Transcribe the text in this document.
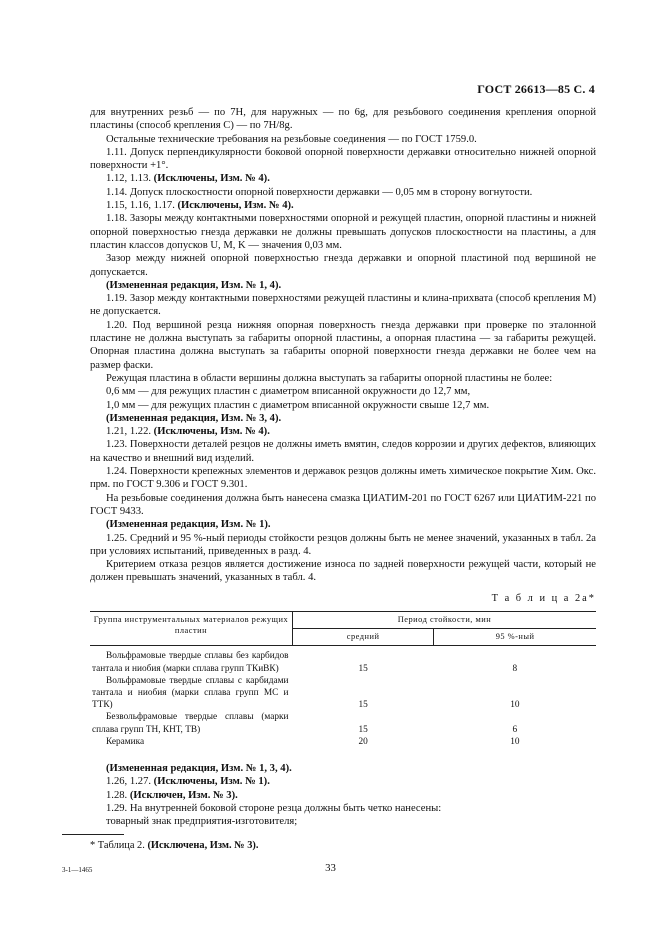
ГОСТ 26613—85 С. 4

для внутренних резьб — по 7H, для наружных — по 6g, для резьбового соединения крепления опорной пластины (способ крепления С) — по 7H/8g.

Остальные технические требования на резьбовые соединения — по ГОСТ 1759.0.

1.11. Допуск перпендикулярности боковой опорной поверхности державки относительно нижней опорной поверхности +1°.

1.12, 1.13. (Исключены, Изм. № 4).

1.14. Допуск плоскостности опорной поверхности державки — 0,05 мм в сторону вогнутости.

1.15, 1.16, 1.17. (Исключены, Изм. № 4).

1.18. Зазоры между контактными поверхностями опорной и режущей пластин, опорной пластины и нижней опорной поверхностью гнезда державки не должны превышать допусков плоскостности на пластины, а для пластин классов допусков U, M, K — значения 0,03 мм.

Зазор между нижней опорной поверхностью гнезда державки и опорной пластиной под вершиной не допускается.

(Измененная редакция, Изм. № 1, 4).

1.19. Зазор между контактными поверхностями режущей пластины и клина-прихвата (способ крепления M) не допускается.

1.20. Под вершиной резца нижняя опорная поверхность гнезда державки при проверке по эталонной пластине не должна выступать за габариты опорной пластины, а опорная пластина — за габариты режущей. Опорная пластина должна выступать за габариты опорной поверхности гнезда державки не более чем на размер фаски.

Режущая пластина в области вершины должна выступать за габариты опорной пластины не более:

0,6 мм — для режущих пластин с диаметром вписанной окружности до 12,7 мм,

1,0 мм — для режущих пластин с диаметром вписанной окружности свыше 12,7 мм.

(Измененная редакция, Изм. № 3, 4).

1.21, 1.22. (Исключены, Изм. № 4).

1.23. Поверхности деталей резцов не должны иметь вмятин, следов коррозии и других дефектов, влияющих на качество и внешний вид изделий.

1.24. Поверхности крепежных элементов и державок резцов должны иметь химическое покрытие Хим. Окс. прм. по ГОСТ 9.306 и ГОСТ 9.301.

На резьбовые соединения должна быть нанесена смазка ЦИАТИМ-201 по ГОСТ 6267 или ЦИАТИМ-221 по ГОСТ 9433.

(Измененная редакция, Изм. № 1).

1.25. Средний и 95 %-ный периоды стойкости резцов должны быть не менее значений, указанных в табл. 2а при условиях испытаний, приведенных в разд. 4.

Критерием отказа резцов является достижение износа по задней поверхности режущей части, который не должен превышать значений, указанных в табл. 4.

Т а б л и ц а 2а*
Группа инструментальных материалов режущих пластин	Период стойкости, мин	
	средний	95 %-ный
Вольфрамовые твердые сплавы без карбидов тантала и ниобия (марки сплава групп ТКиВК)	15	8
Вольфрамовые твердые сплавы с карбидами тантала и ниобия (марки сплава групп МС и ТТК)	15	10
Безвольфрамовые твердые сплавы (марки сплава групп ТН, КНТ, ТВ)	15	6
Керамика	20	10

(Измененная редакция, Изм. № 1, 3, 4).

1.26, 1.27. (Исключены, Изм. № 1).

1.28. (Исключен, Изм. № 3).

1.29. На внутренней боковой стороне резца должны быть четко нанесены:

товарный знак предприятия-изготовителя;

* Таблица 2. (Исключена, Изм. № 3).
33
3-1—1465
